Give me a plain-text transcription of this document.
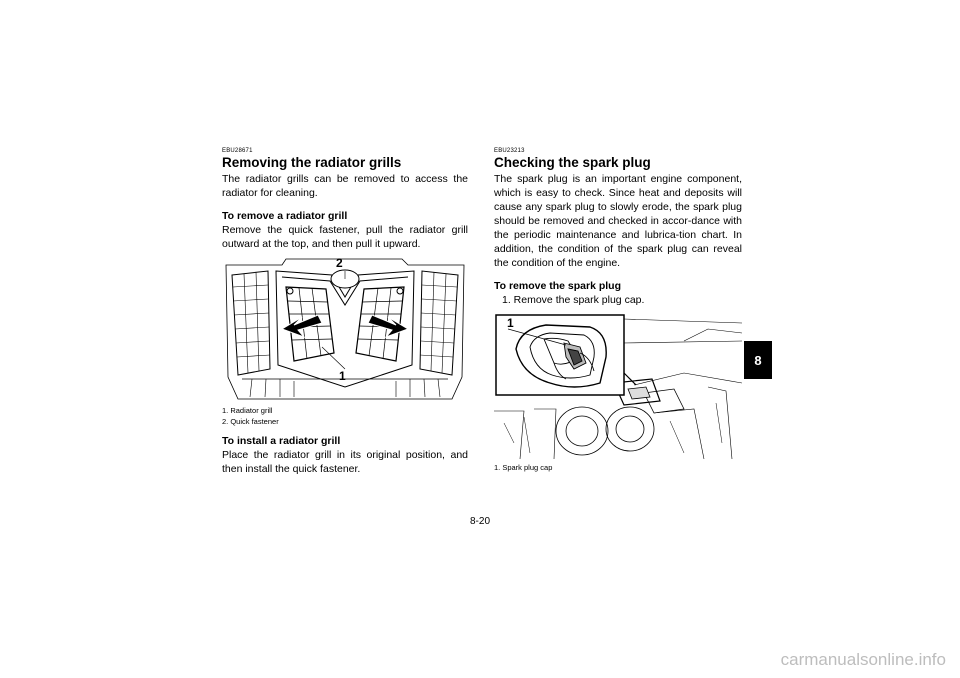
EBU28671
Removing the radiator grills

The radiator grills can be removed to access the radiator for cleaning.

To remove a radiator grill

Remove the quick fastener, pull the radiator grill outward at the top, and then pull it upward.

2
1
1. Radiator grill
2. Quick fastener
To install a radiator grill

Place the radiator grill in its original position, and then install the quick fastener.

EBU23213
Checking the spark plug

The spark plug is an important engine component, which is easy to check. Since heat and deposits will cause any spark plug to slowly erode, the spark plug should be removed and checked in accor-dance with the periodic maintenance and lubrica-tion chart. In addition, the condition of the spark plug can reveal the condition of the engine.

To remove the spark plug
1. Remove the spark plug cap.
1
1. Spark plug cap
8
8-20
carmanualsonline.info
